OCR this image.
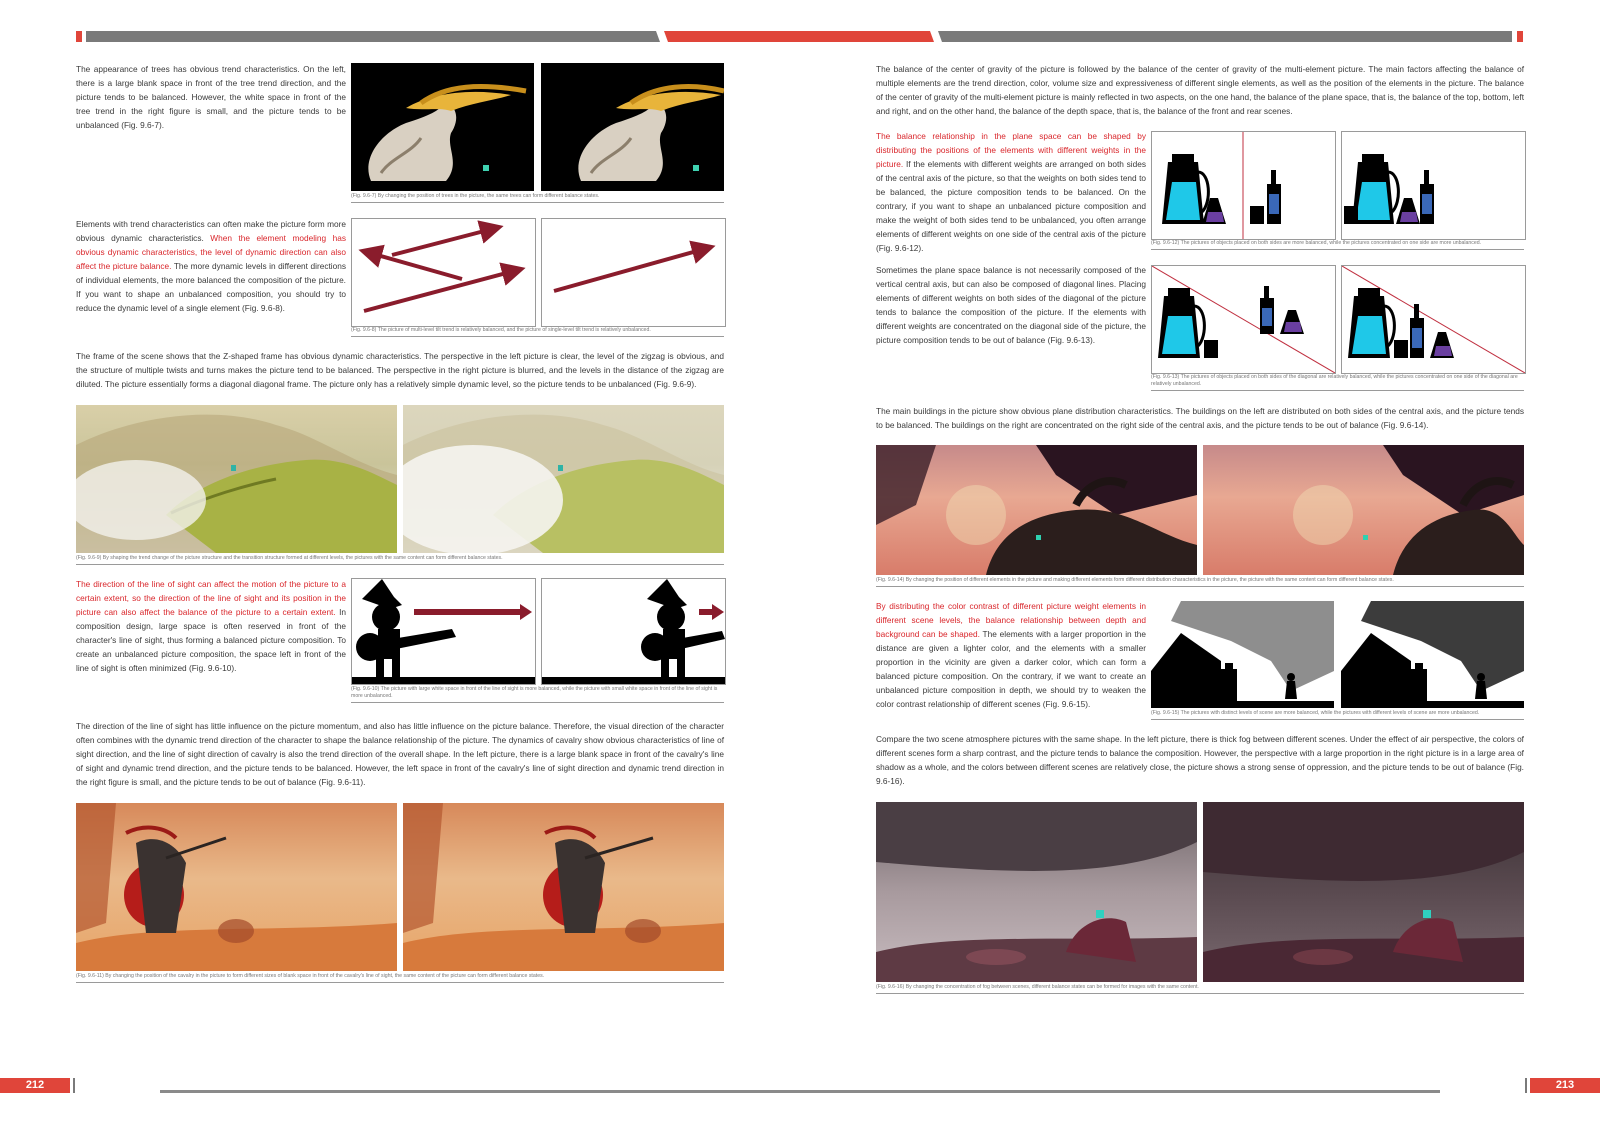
The appearance of trees has obvious trend characteristics. On the left, there is a large blank space in front of the tree trend direction, and the picture tends to be balanced. However, the white space in front of the tree trend in the right figure is small, and the picture tends to be unbalanced (Fig. 9.6-7).

(Fig. 9.6-7) By changing the position of trees in the picture, the same trees can form different balance states.

Elements with trend characteristics can often make the picture form more obvious dynamic characteristics. When the element modeling has obvious dynamic characteristics, the level of dynamic direction can also affect the picture balance. The more dynamic levels in different directions of individual elements, the more balanced the composition of the picture. If you want to shape an unbalanced composition, you should try to reduce the dynamic level of a single element (Fig. 9.6-8).

(Fig. 9.6-8) The picture of multi-level tilt trend is relatively balanced, and the picture of single-level tilt trend is relatively unbalanced.

The frame of the scene shows that the Z-shaped frame has obvious dynamic characteristics. The perspective in the left picture is clear, the level of the zigzag is obvious, and the structure of multiple twists and turns makes the picture tend to be balanced. The perspective in the right picture is blurred, and the levels in the distance of the zigzag are diluted. The picture essentially forms a diagonal diagonal frame. The picture only has a relatively simple dynamic level, so the picture tends to be unbalanced (Fig. 9.6-9).

(Fig. 9.6-9) By shaping the trend change of the picture structure and the transition structure formed at different levels, the pictures with the same content can form different balance states.

The direction of the line of sight can affect the motion of the picture to a certain extent, so the direction of the line of sight and its position in the picture can also affect the balance of the picture to a certain extent. In composition design, large space is often reserved in front of the character's line of sight, thus forming a balanced picture composition. To create an unbalanced picture composition, the space left in front of the line of sight is often minimized (Fig. 9.6-10).

(Fig. 9.6-10) The picture with large white space in front of the line of sight is more balanced, while the picture with small white space in front of the line of sight is more unbalanced.

The direction of the line of sight has little influence on the picture momentum, and also has little influence on the picture balance. Therefore, the visual direction of the character often combines with the dynamic trend direction of the character to shape the balance relationship of the picture. The dynamics of cavalry show obvious characteristics of line of sight direction, and the line of sight direction of cavalry is also the trend direction of the overall shape. In the left picture, there is a large blank space in front of the cavalry's line of sight and dynamic trend direction, and the picture tends to be balanced. However, the left space in front of the cavalry's line of sight direction and dynamic trend direction in the right figure is small, and the picture tends to be out of balance (Fig. 9.6-11).

(Fig. 9.6-11) By changing the position of the cavalry in the picture to form different sizes of blank space in front of the cavalry's line of sight, the same content of the picture can form different balance states.

The balance of the center of gravity of the picture is followed by the balance of the center of gravity of the multi-element picture. The main factors affecting the balance of multiple elements are the trend direction, color, volume size and expressiveness of different single elements, as well as the position of the elements in the picture. The balance of the center of gravity of the multi-element picture is mainly reflected in two aspects, on the one hand, the balance of the plane space, that is, the balance of the top, bottom, left and right, and on the other hand, the balance of the depth space, that is, the balance of the front and rear scenes.

The balance relationship in the plane space can be shaped by distributing the positions of the elements with different weights in the picture. If the elements with different weights are arranged on both sides of the central axis of the picture, so that the weights on both sides tend to be balanced, the picture composition tends to be balanced. On the contrary, if you want to shape an unbalanced picture composition and make the weight of both sides tend to be unbalanced, you often arrange elements of different weights on one side of the central axis of the picture (Fig. 9.6-12).	(Fig. 9.6-12) The pictures of objects placed on both sides are more balanced, while the pictures concentrated on one side are more unbalanced.

Sometimes the plane space balance is not necessarily composed of the vertical central axis, but can also be composed of diagonal lines. Placing elements of different weights on both sides of the diagonal of the picture tends to balance the composition of the picture. If the elements with different weights are concentrated on the diagonal side of the picture, the picture composition tends to be out of balance (Fig. 9.6-13).

(Fig. 9.6-13) The pictures of objects placed on both sides of the diagonal are relatively balanced, while the pictures concentrated on one side of the diagonal are relatively unbalanced.

The main buildings in the picture show obvious plane distribution characteristics. The buildings on the left are distributed on both sides of the central axis, and the picture tends to be balanced. The buildings on the right are concentrated on the right side of the central axis, and the picture tends to be out of balance (Fig. 9.6-14).

(Fig. 9.6-14) By changing the position of different elements in the picture and making different elements form different distribution characteristics in the picture, the picture with the same content can form different balance states.

By distributing the color contrast of different picture weight elements in different scene levels, the balance relationship between depth and background can be shaped. The elements with a larger proportion in the distance are given a lighter color, and the elements with a smaller proportion in the vicinity are given a darker color, which can form a balanced picture composition. On the contrary, if we want to create an unbalanced picture composition in depth, we should try to weaken the color contrast relationship of different scenes (Fig. 9.6-15).

(Fig. 9.6-15) The pictures with distinct levels of scene are more balanced, while the pictures with different levels of scene are more unbalanced.

Compare the two scene atmosphere pictures with the same shape. In the left picture, there is thick fog between different scenes. Under the effect of air perspective, the colors of different scenes form a sharp contrast, and the picture tends to balance the composition. However, the perspective with a large proportion in the right picture is in a large area of shadow as a whole, and the colors between different scenes are relatively close, the picture shows a strong sense of oppression, and the picture tends to be out of balance (Fig. 9.6-16).

(Fig. 9.6-16) By changing the concentration of fog between scenes, different balance states can be formed for images with the same content.

212	213
